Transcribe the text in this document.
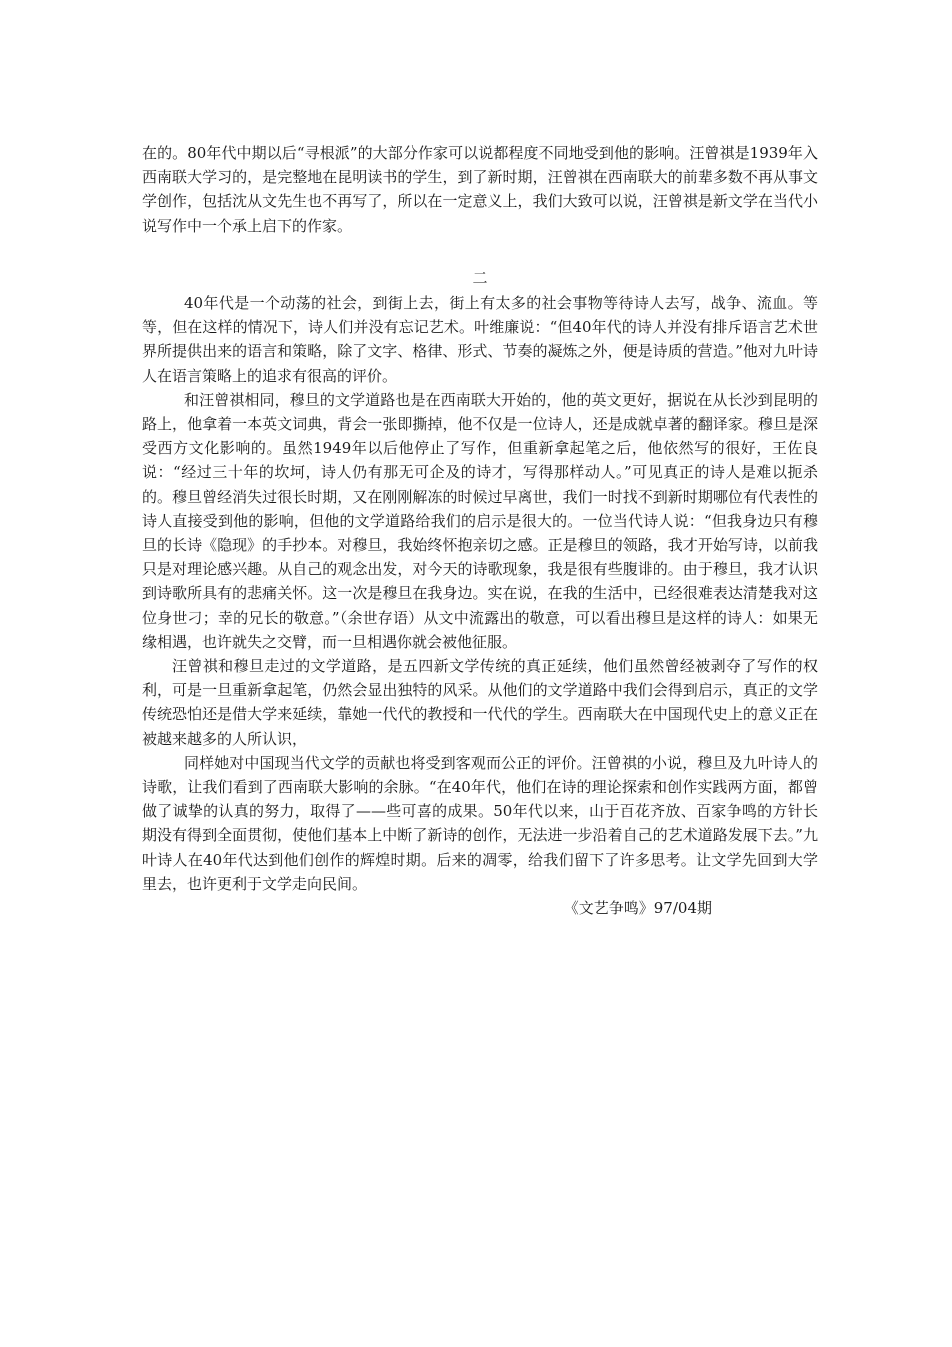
在的。80年代中期以后“寻根派”的大部分作家可以说都程度不同地受到他的影响。汪曾祺是1939年入西南联大学习的，是完整地在昆明读书的学生，到了新时期，汪曾祺在西南联大的前辈多数不再从事文学创作，包括沈从文先生也不再写了，所以在一定意义上，我们大致可以说，汪曾祺是新文学在当代小说写作中一个承上启下的作家。

二

40年代是一个动荡的社会，到街上去，街上有太多的社会事物等待诗人去写，战争、流血。等等，但在这样的情况下，诗人们并没有忘记艺术。叶维廉说：“但40年代的诗人并没有排斥语言艺术世界所提供出来的语言和策略，除了文字、格律、形式、节奏的凝炼之外，便是诗质的营造。”他对九叶诗人在语言策略上的追求有很高的评价。

和汪曾祺相同，穆旦的文学道路也是在西南联大开始的，他的英文更好，据说在从长沙到昆明的路上，他拿着一本英文词典，背会一张即撕掉，他不仅是一位诗人，还是成就卓著的翻译家。穆旦是深受西方文化影响的。虽然1949年以后他停止了写作，但重新拿起笔之后，他依然写的很好，王佐良说：“经过三十年的坎坷，诗人仍有那无可企及的诗才，写得那样动人。”可见真正的诗人是难以扼杀的。穆旦曾经消失过很长时期，又在刚刚解冻的时候过早离世，我们一时找不到新时期哪位有代表性的诗人直接受到他的影响，但他的文学道路给我们的启示是很大的。一位当代诗人说：“但我身边只有穆旦的长诗《隐现》的手抄本。对穆旦，我始终怀抱亲切之感。正是穆旦的领路，我才开始写诗，以前我只是对理论感兴趣。从自己的观念出发，对今天的诗歌现象，我是很有些腹诽的。由于穆旦，我才认识到诗歌所具有的悲痛关怀。这一次是穆旦在我身边。实在说，在我的生活中，已经很难表达清楚我对这位身世刁；幸的兄长的敬意。”（余世存语）从文中流露出的敬意，可以看出穆旦是这样的诗人：如果无缘相遇，也许就失之交臂，而一旦相遇你就会被他征服。

汪曾祺和穆旦走过的文学道路，是五四新文学传统的真正延续，他们虽然曾经被剥夺了写作的权利，可是一旦重新拿起笔，仍然会显出独特的风采。从他们的文学道路中我们会得到启示，真正的文学传统恐怕还是借大学来延续，靠她一代代的教授和一代代的学生。西南联大在中国现代史上的意义正在被越来越多的人所认识，

同样她对中国现当代文学的贡献也将受到客观而公正的评价。汪曾祺的小说，穆旦及九叶诗人的诗歌，让我们看到了西南联大影响的余脉。“在40年代，他们在诗的理论探索和创作实践两方面，都曾做了诚挚的认真的努力，取得了——些可喜的成果。50年代以来，山于百花齐放、百家争鸣的方针长期没有得到全面贯彻，使他们基本上中断了新诗的创作，无法进一步沿着自己的艺术道路发展下去。”九叶诗人在40年代达到他们创作的辉煌时期。后来的凋零，给我们留下了许多思考。让文学先回到大学里去，也许更利于文学走向民间。

《文艺争鸣》97/04期
